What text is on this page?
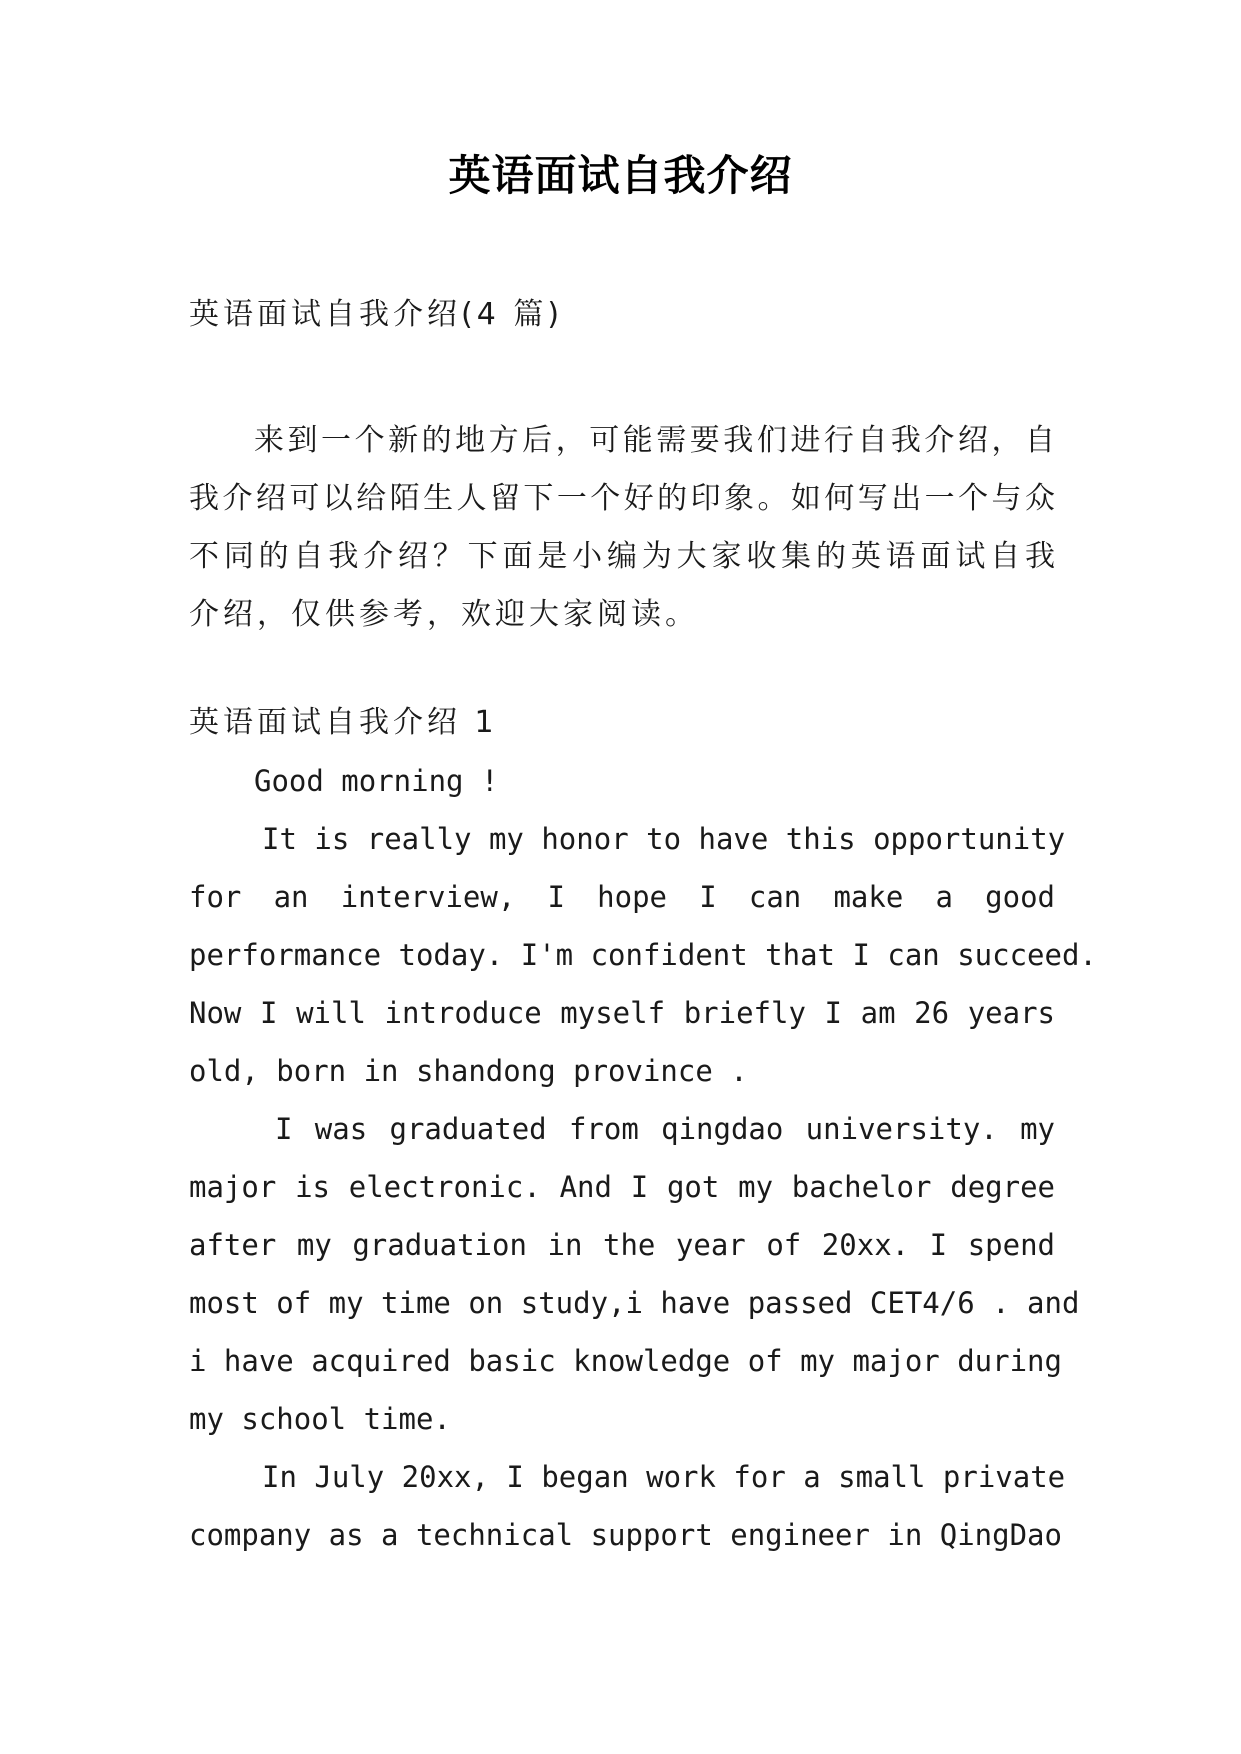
英语面试自我介绍
英语面试自我介绍(4 篇)
来到一个新的地方后，可能需要我们进行自我介绍，自
我介绍可以给陌生人留下一个好的印象。如何写出一个与众
不同的自我介绍？下面是小编为大家收集的英语面试自我
介绍，仅供参考，欢迎大家阅读。
英语面试自我介绍 1
Good morning !
It is really my honor to have this opportunity
for an interview, I hope I can make a good
performance today. I'm confident that I can succeed.
Now I will introduce myself briefly I am 26 years
old, born in shandong province .
I was graduated from qingdao university. my
major is electronic. And I got my bachelor degree
after my graduation in the year of 20xx. I spend
most of my time on study,i have passed CET4/6 . and
i have acquired basic knowledge of my major during
my school time.
In July 20xx, I began work for a small private
company as a technical support engineer in QingDao
